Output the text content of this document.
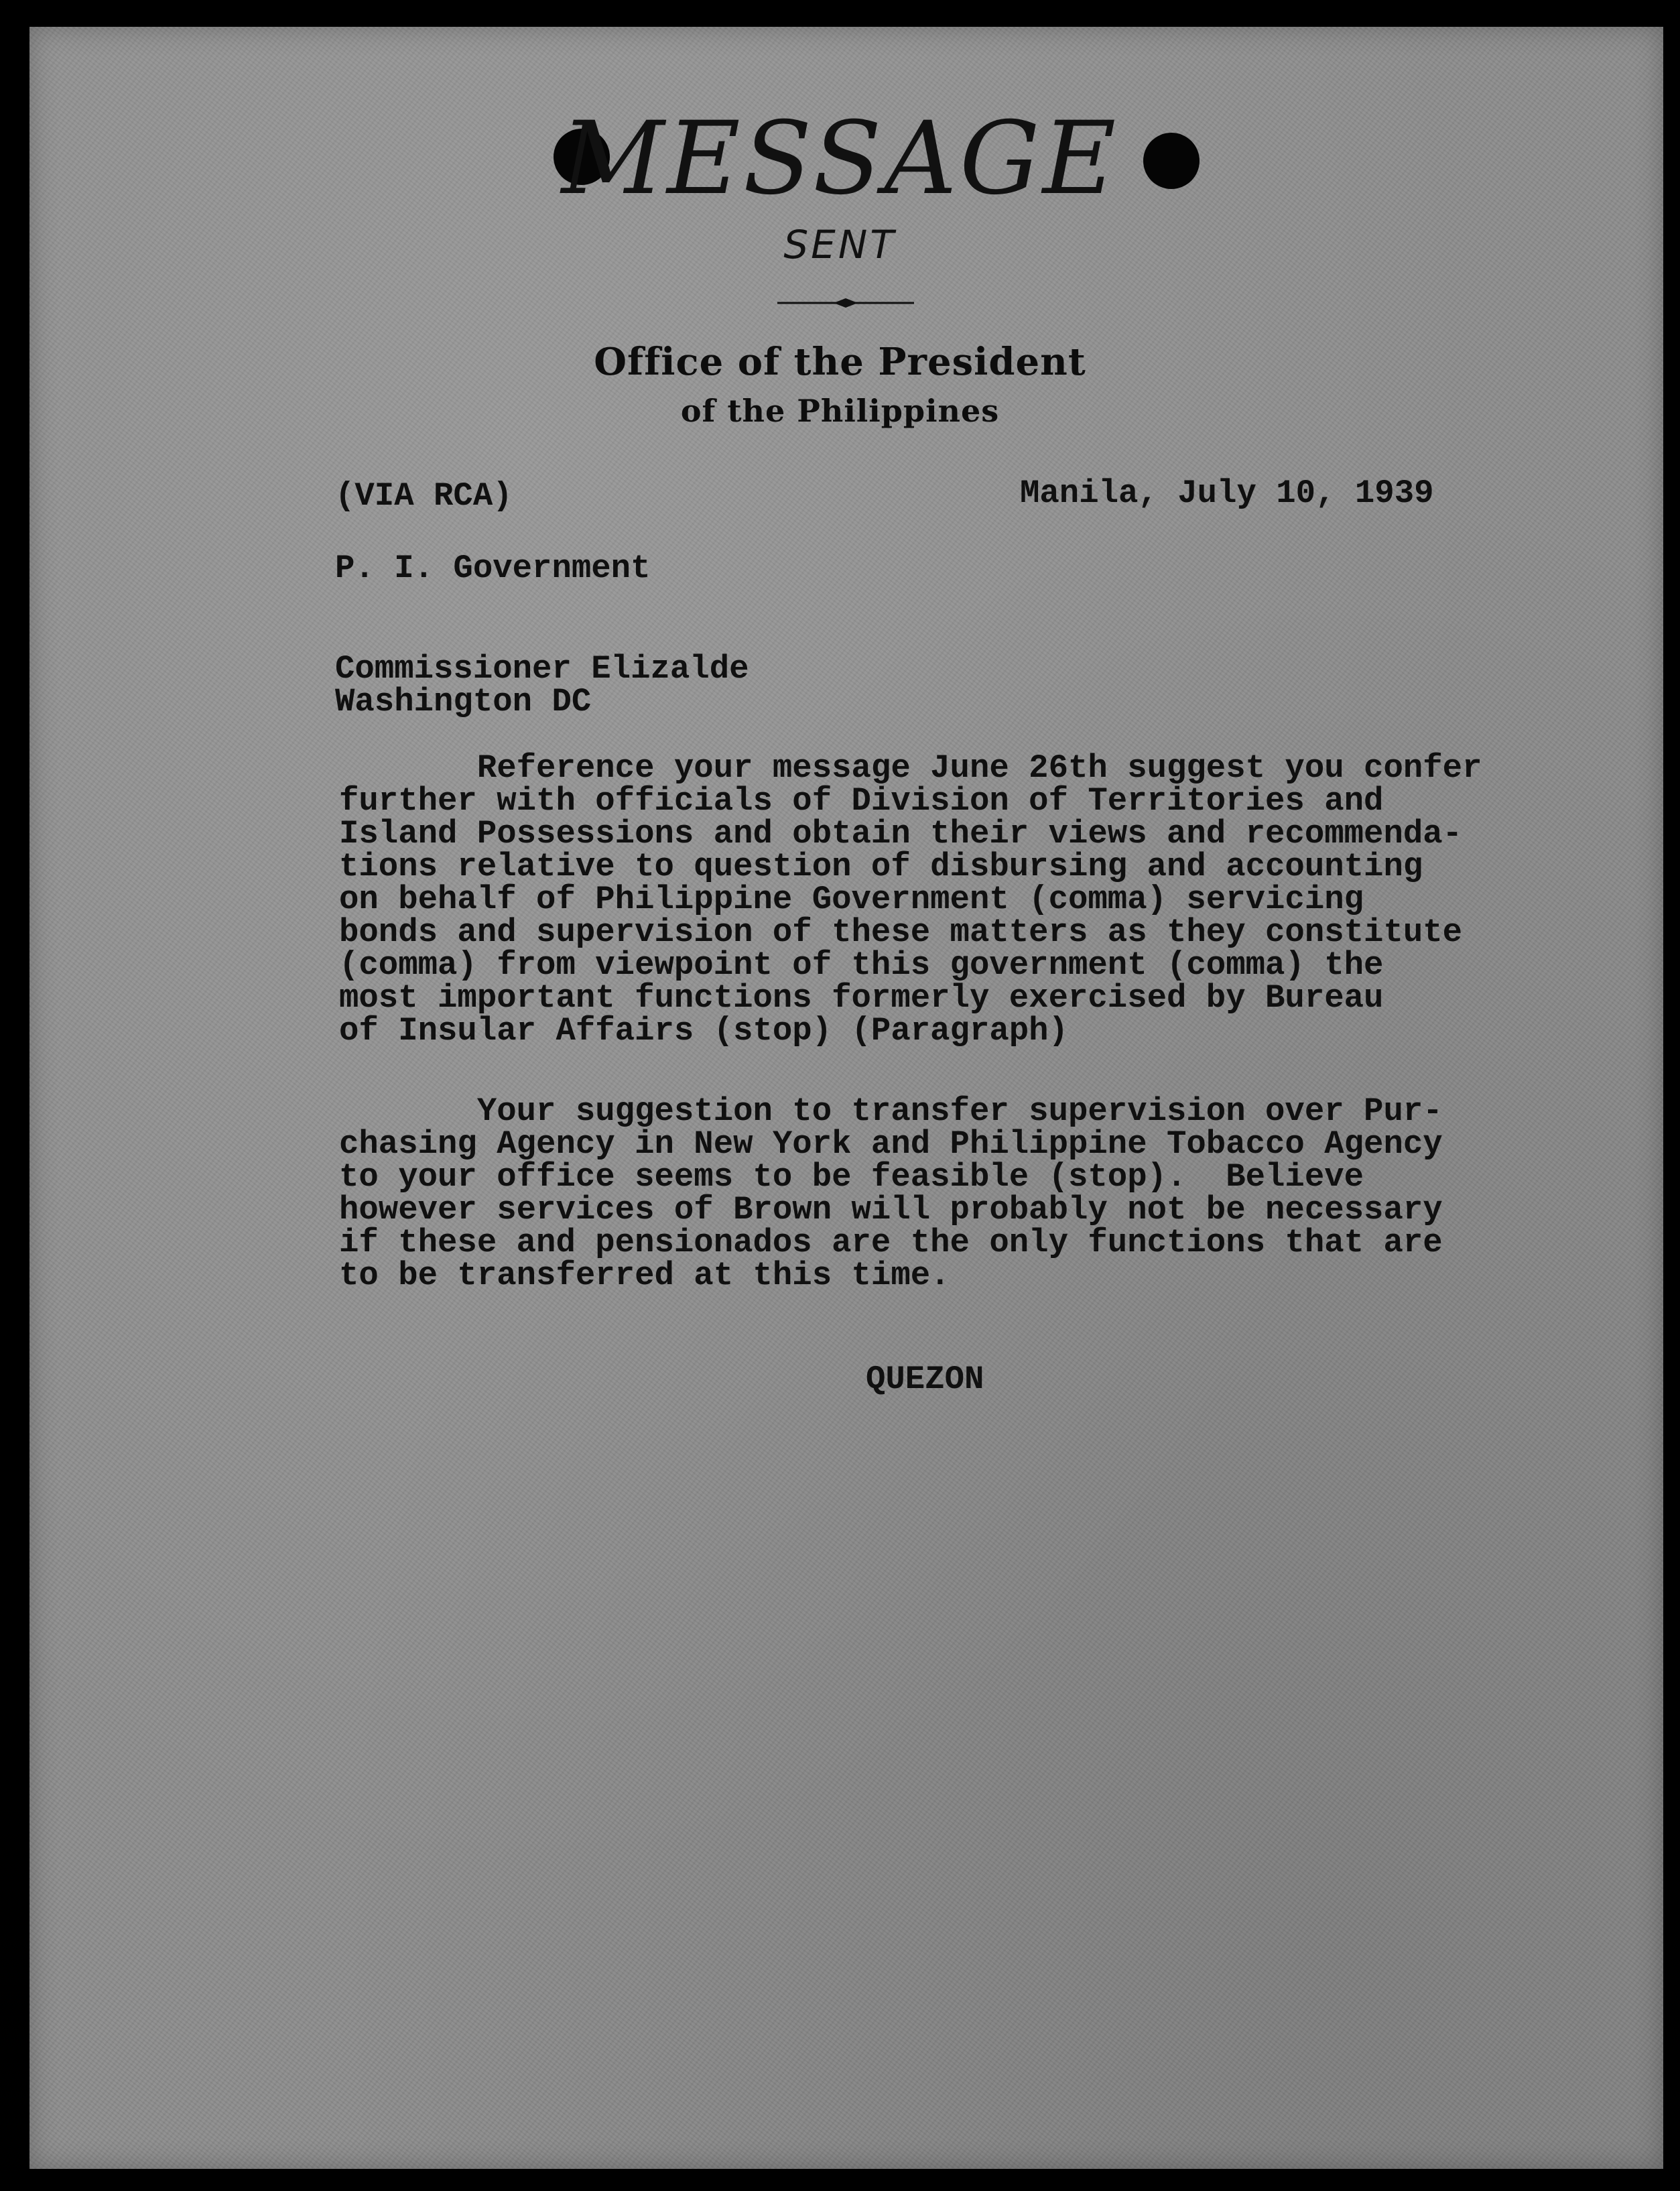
MESSAGE
SENT
Office of the President
of the Philippines
(VIA RCA)	Manila, July 10, 1939
P. I. Government
Commissioner Elizalde
Washington DC
Reference your message June 26th suggest you confer
further with officials of Division of Territories and
Island Possessions and obtain their views and recommenda-
tions relative to question of disbursing and accounting
on behalf of Philippine Government (comma) servicing
bonds and supervision of these matters as they constitute
(comma) from viewpoint of this government (comma) the
most important functions formerly exercised by Bureau
of Insular Affairs (stop) (Paragraph)
Your suggestion to transfer supervision over Pur-
chasing Agency in New York and Philippine Tobacco Agency
to your office seems to be feasible (stop).  Believe
however services of Brown will probably not be necessary
if these and pensionados are the only functions that are
to be transferred at this time.
QUEZON
